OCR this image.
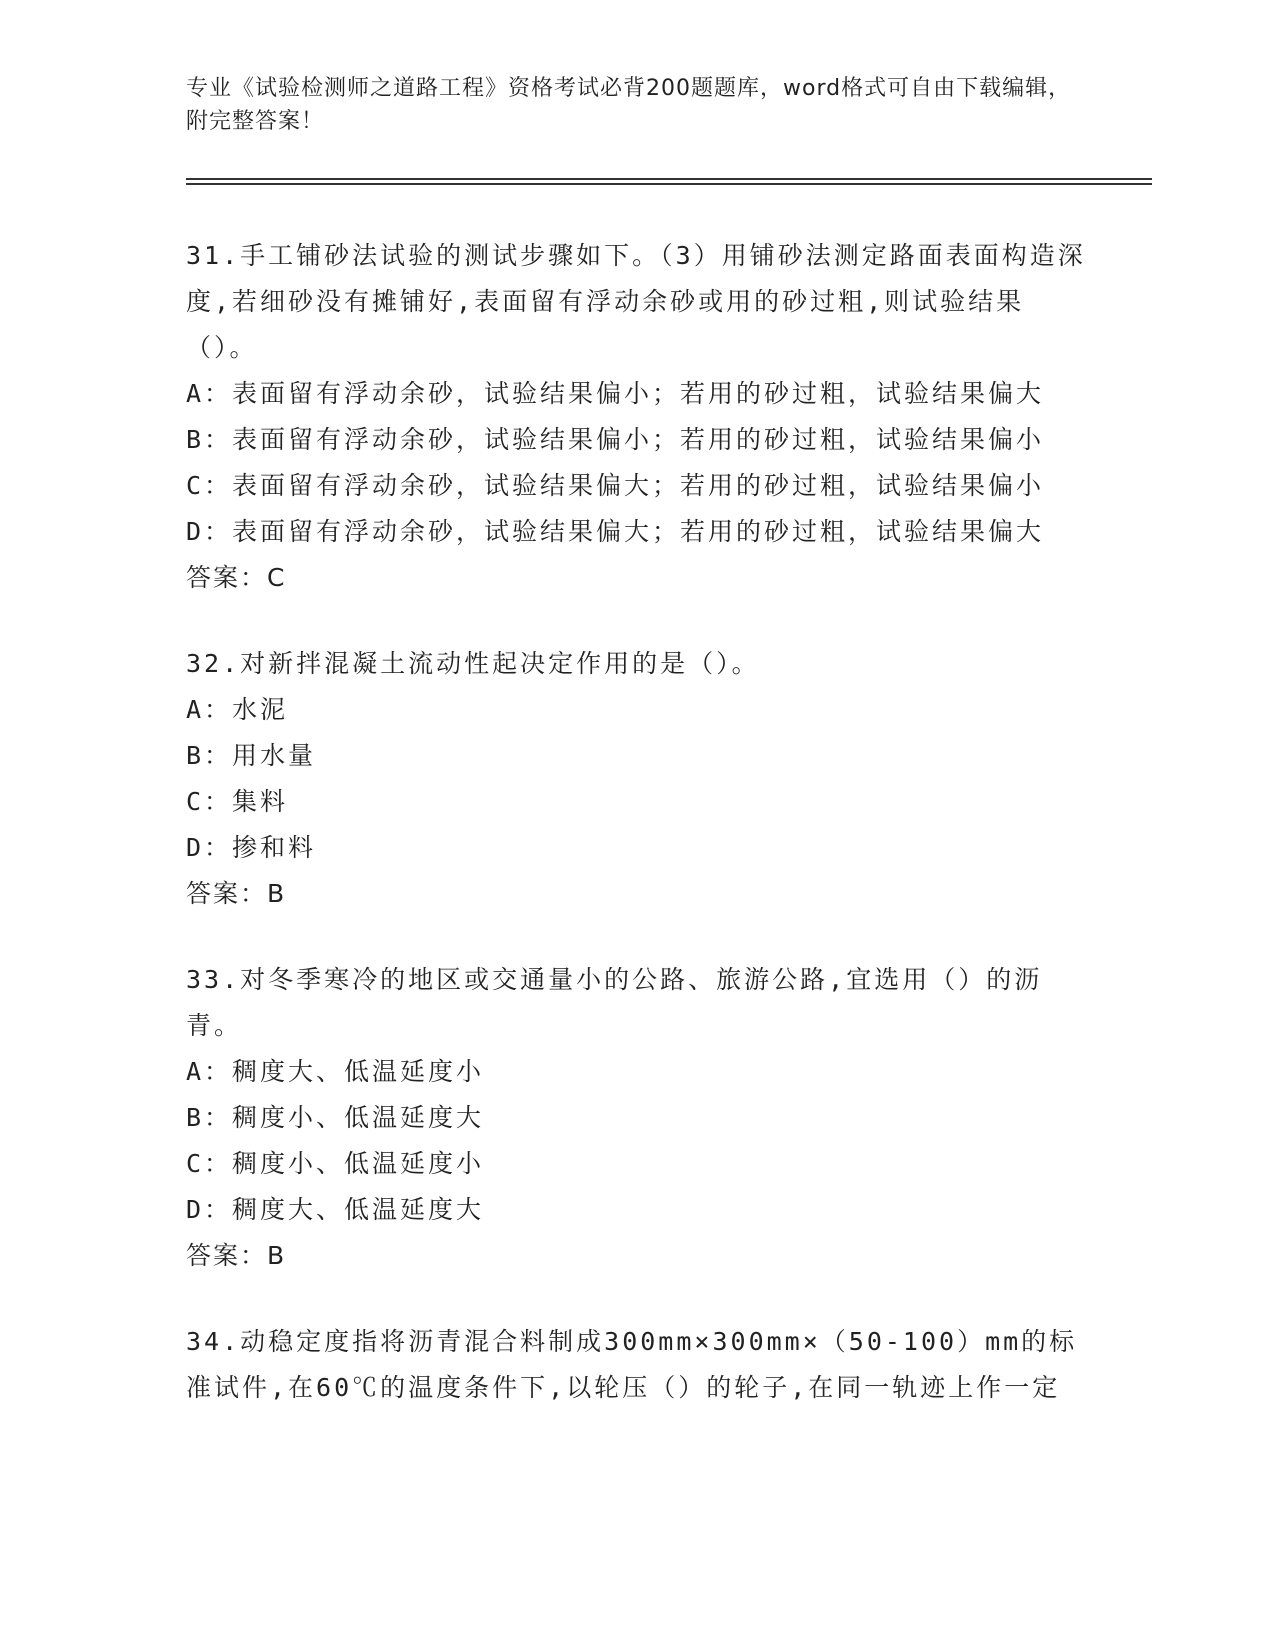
专业《试验检测师之道路工程》资格考试必背200题题库，word格式可自由下载编辑，附完整答案！

31.手工铺砂法试验的测试步骤如下。（3）用铺砂法测定路面表面构造深度,若细砂没有摊铺好,表面留有浮动余砂或用的砂过粗,则试验结果（）。

A：表面留有浮动余砂，试验结果偏小；若用的砂过粗，试验结果偏大
B：表面留有浮动余砂，试验结果偏小；若用的砂过粗，试验结果偏小
C：表面留有浮动余砂，试验结果偏大；若用的砂过粗，试验结果偏小
D：表面留有浮动余砂，试验结果偏大；若用的砂过粗，试验结果偏大
答案：C

32.对新拌混凝土流动性起决定作用的是（）。

A：水泥
B：用水量
C：集料
D：掺和料
答案：B

33.对冬季寒冷的地区或交通量小的公路、旅游公路,宜选用（）的沥青。

A：稠度大、低温延度小
B：稠度小、低温延度大
C：稠度小、低温延度小
D：稠度大、低温延度大
答案：B

34.动稳定度指将沥青混合料制成300mm×300mm×（50-100）mm的标准试件,在60℃的温度条件下,以轮压（）的轮子,在同一轨迹上作一定
